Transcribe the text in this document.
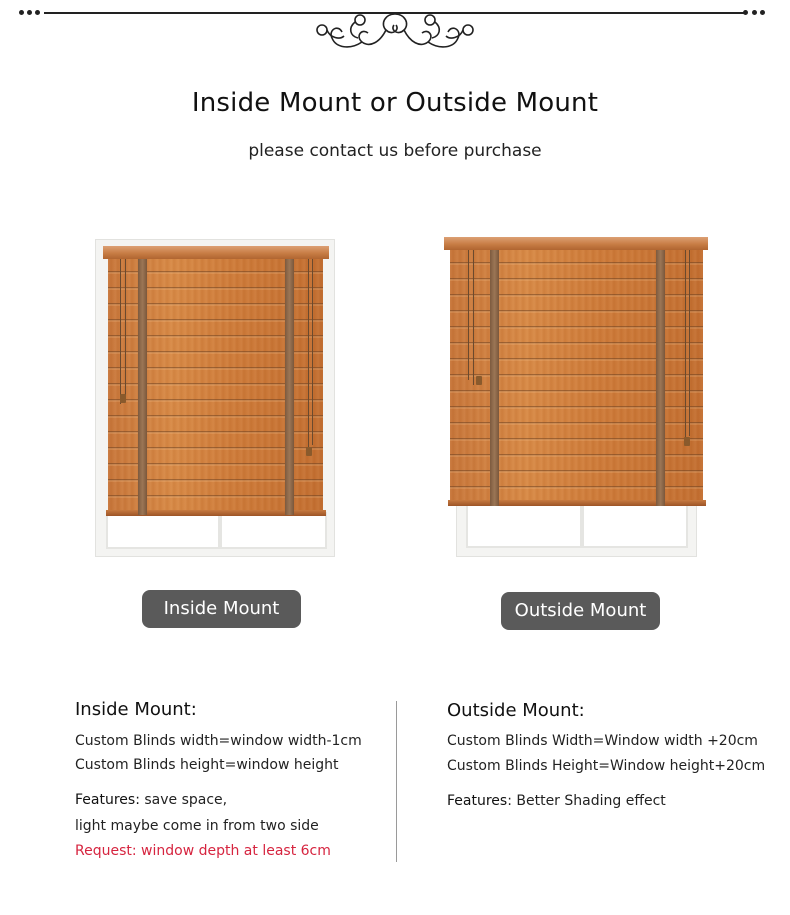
Inside Mount or Outside Mount
please contact us before purchase
Inside Mount	Outside Mount
Inside Mount:
Custom Blinds width=window width-1cm
Custom Blinds height=window height
Features: save space,
light maybe come in from two side
Request: window depth at least 6cm
Outside Mount:
Custom Blinds Width=Window width +20cm
Custom Blinds Height=Window height+20cm
Features: Better Shading effect
